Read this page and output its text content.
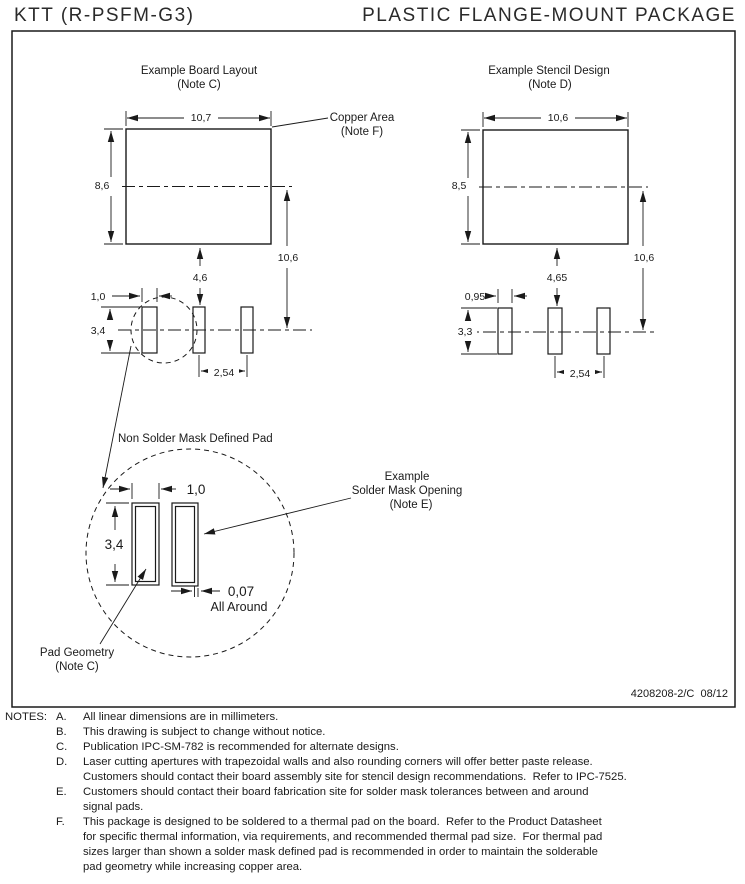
KTT (R-PSFM-G3)	PLASTIC FLANGE-MOUNT PACKAGE
Example Board Layout
(Note C)
10,7
8,6
Copper Area
(Note F)
4,6
10,6
1,0
3,4
2,54
Example Stencil Design
(Note D)
10,6
8,5
4,65
10,6
0,95
3,3
2,54
Non Solder Mask Defined Pad
1,0
3,4
Example
Solder Mask Opening
(Note E)
0,07
All Around
Pad Geometry
(Note C)
4208208-2/C  08/12
NOTES: A. All linear dimensions are in millimeters.
B. This drawing is subject to change without notice.
C. Publication IPC-SM-782 is recommended for alternate designs.
D. Laser cutting apertures with trapezoidal walls and also rounding corners will offer better paste release.
Customers should contact their board assembly site for stencil design recommendations.  Refer to IPC-7525.
E. Customers should contact their board fabrication site for solder mask tolerances between and around
signal pads.
F. This package is designed to be soldered to a thermal pad on the board.  Refer to the Product Datasheet
for specific thermal information, via requirements, and recommended thermal pad size.  For thermal pad
sizes larger than shown a solder mask defined pad is recommended in order to maintain the solderable
pad geometry while increasing copper area.
